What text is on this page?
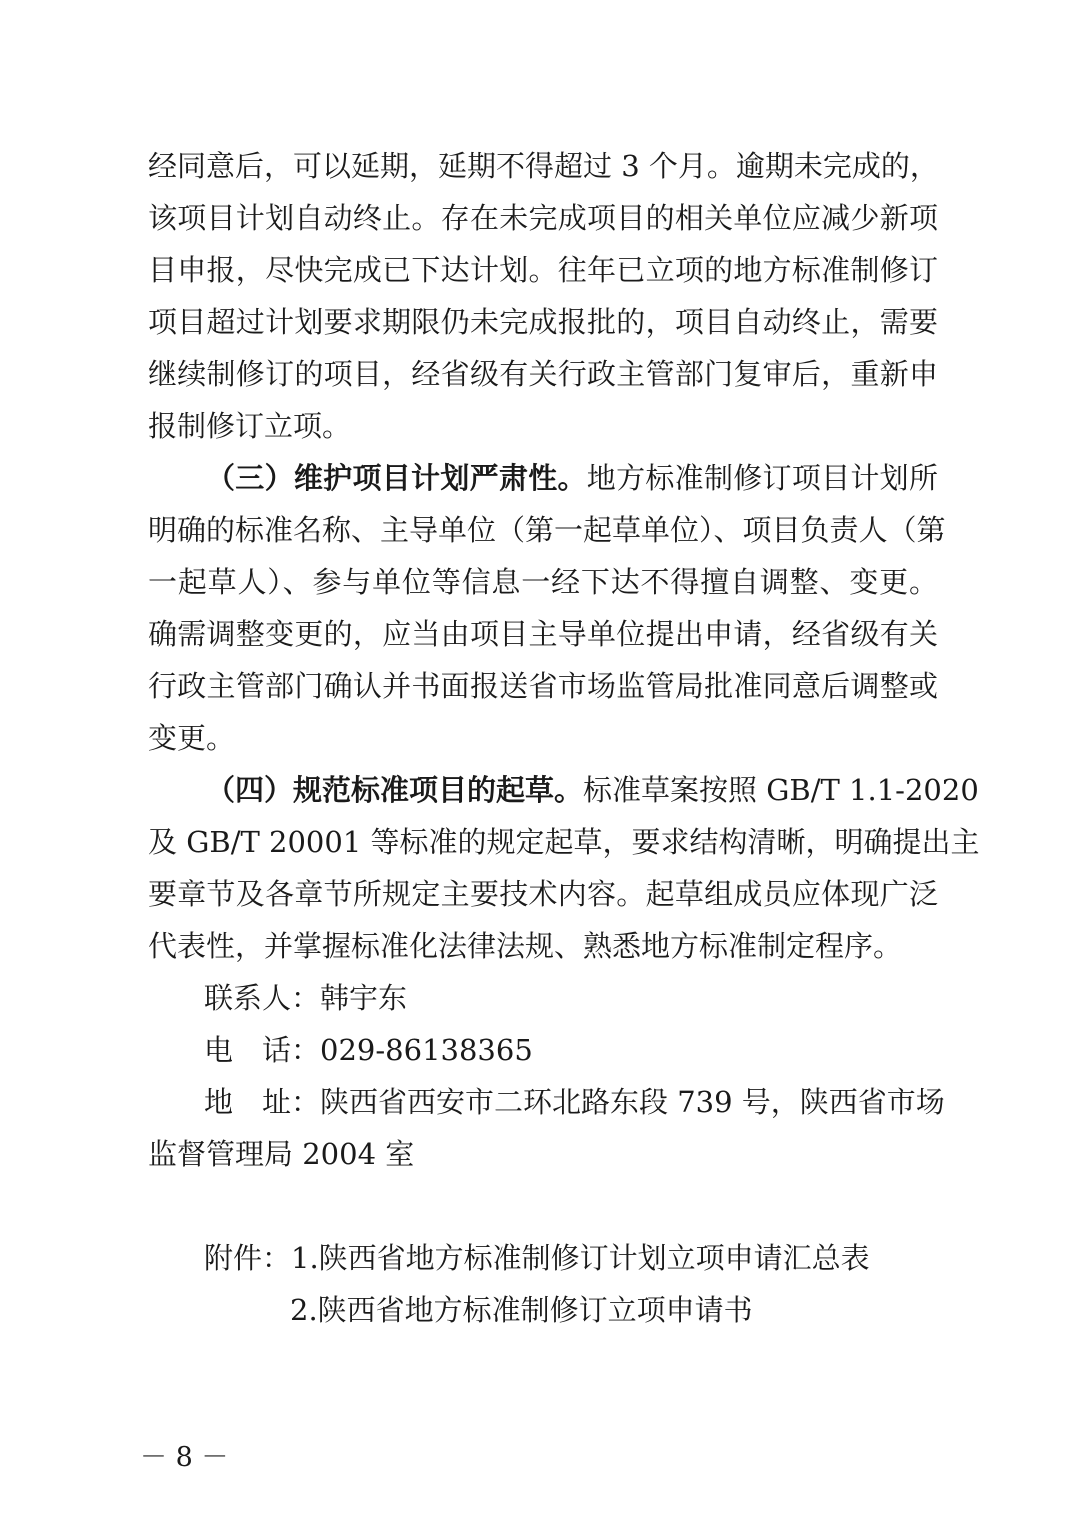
经同意后，可以延期，延期不得超过 3 个月。逾期未完成的，
该项目计划自动终止。存在未完成项目的相关单位应减少新项
目申报，尽快完成已下达计划。往年已立项的地方标准制修订
项目超过计划要求期限仍未完成报批的，项目自动终止，需要
继续制修订的项目，经省级有关行政主管部门复审后，重新申
报制修订立项。
（三）维护项目计划严肃性。地方标准制修订项目计划所
明确的标准名称、主导单位（第一起草单位）、项目负责人（第
一起草人）、参与单位等信息一经下达不得擅自调整、变更。
确需调整变更的，应当由项目主导单位提出申请，经省级有关
行政主管部门确认并书面报送省市场监管局批准同意后调整或
变更。
（四）规范标准项目的起草。标准草案按照 GB/T 1.1-2020
及 GB/T 20001 等标准的规定起草，要求结构清晰，明确提出主
要章节及各章节所规定主要技术内容。起草组成员应体现广泛
代表性，并掌握标准化法律法规、熟悉地方标准制定程序。
联系人：韩宇东
电　话：029-86138365
地　址：陕西省西安市二环北路东段 739 号，陕西省市场
监督管理局 2004 室
附件：1.陕西省地方标准制修订计划立项申请汇总表
2.陕西省地方标准制修订立项申请书
－ 8 －
